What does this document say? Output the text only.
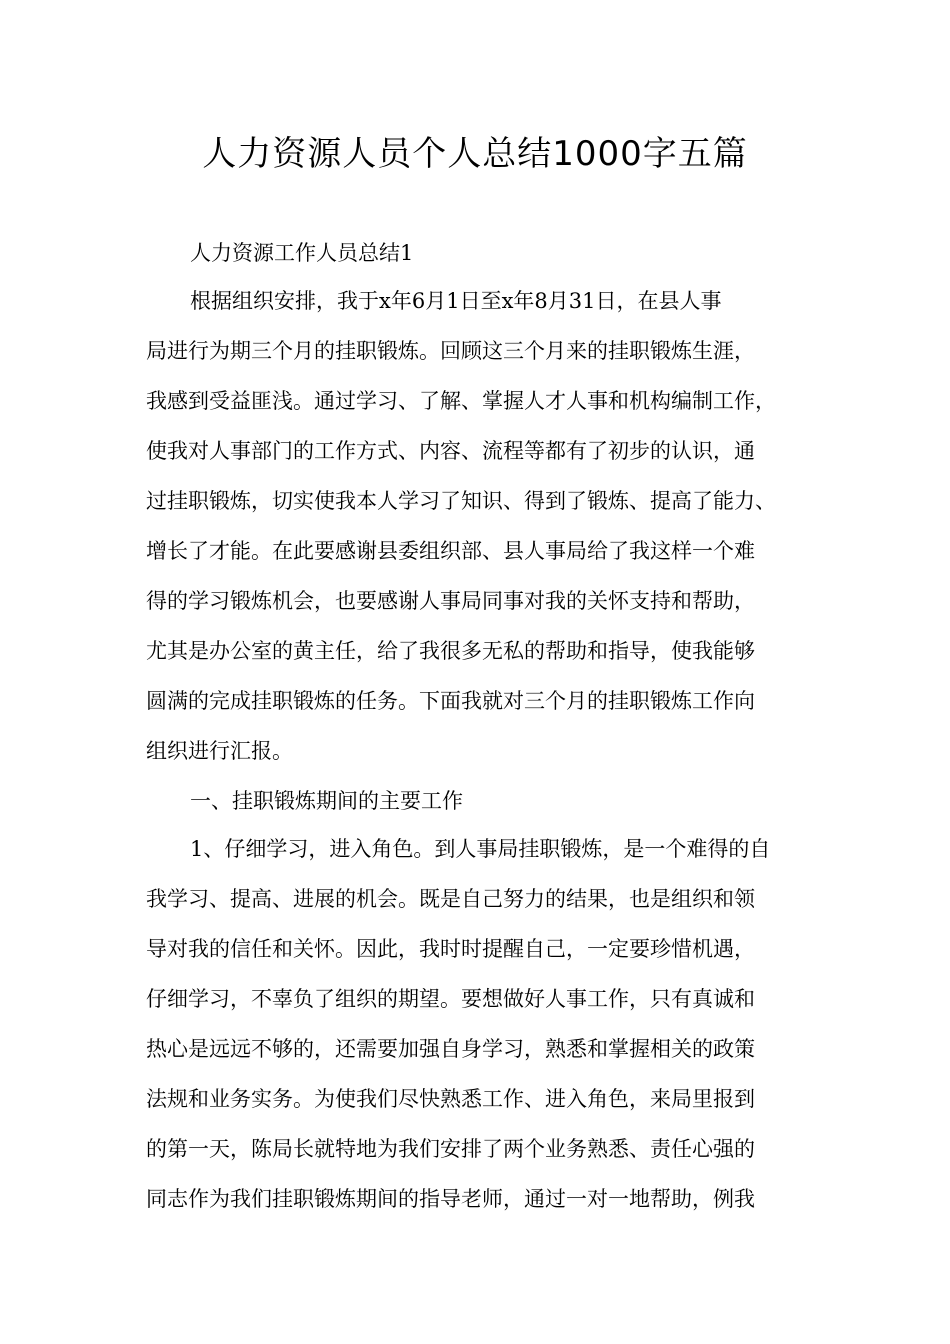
人力资源人员个人总结1000字五篇
人力资源工作人员总结1
根据组织安排，我于x年6月1日至x年8月31日，在县人事
局进行为期三个月的挂职锻炼。回顾这三个月来的挂职锻炼生涯，
我感到受益匪浅。通过学习、了解、掌握人才人事和机构编制工作，
使我对人事部门的工作方式、内容、流程等都有了初步的认识，通
过挂职锻炼，切实使我本人学习了知识、得到了锻炼、提高了能力、
增长了才能。在此要感谢县委组织部、县人事局给了我这样一个难
得的学习锻炼机会，也要感谢人事局同事对我的关怀支持和帮助，
尤其是办公室的黄主任，给了我很多无私的帮助和指导，使我能够
圆满的完成挂职锻炼的任务。下面我就对三个月的挂职锻炼工作向
组织进行汇报。
一、挂职锻炼期间的主要工作
1、仔细学习，进入角色。到人事局挂职锻炼，是一个难得的自
我学习、提高、进展的机会。既是自己努力的结果，也是组织和领
导对我的信任和关怀。因此，我时时提醒自己，一定要珍惜机遇，
仔细学习，不辜负了组织的期望。要想做好人事工作，只有真诚和
热心是远远不够的，还需要加强自身学习，熟悉和掌握相关的政策
法规和业务实务。为使我们尽快熟悉工作、进入角色，来局里报到
的第一天，陈局长就特地为我们安排了两个业务熟悉、责任心强的
同志作为我们挂职锻炼期间的指导老师，通过一对一地帮助，例我
